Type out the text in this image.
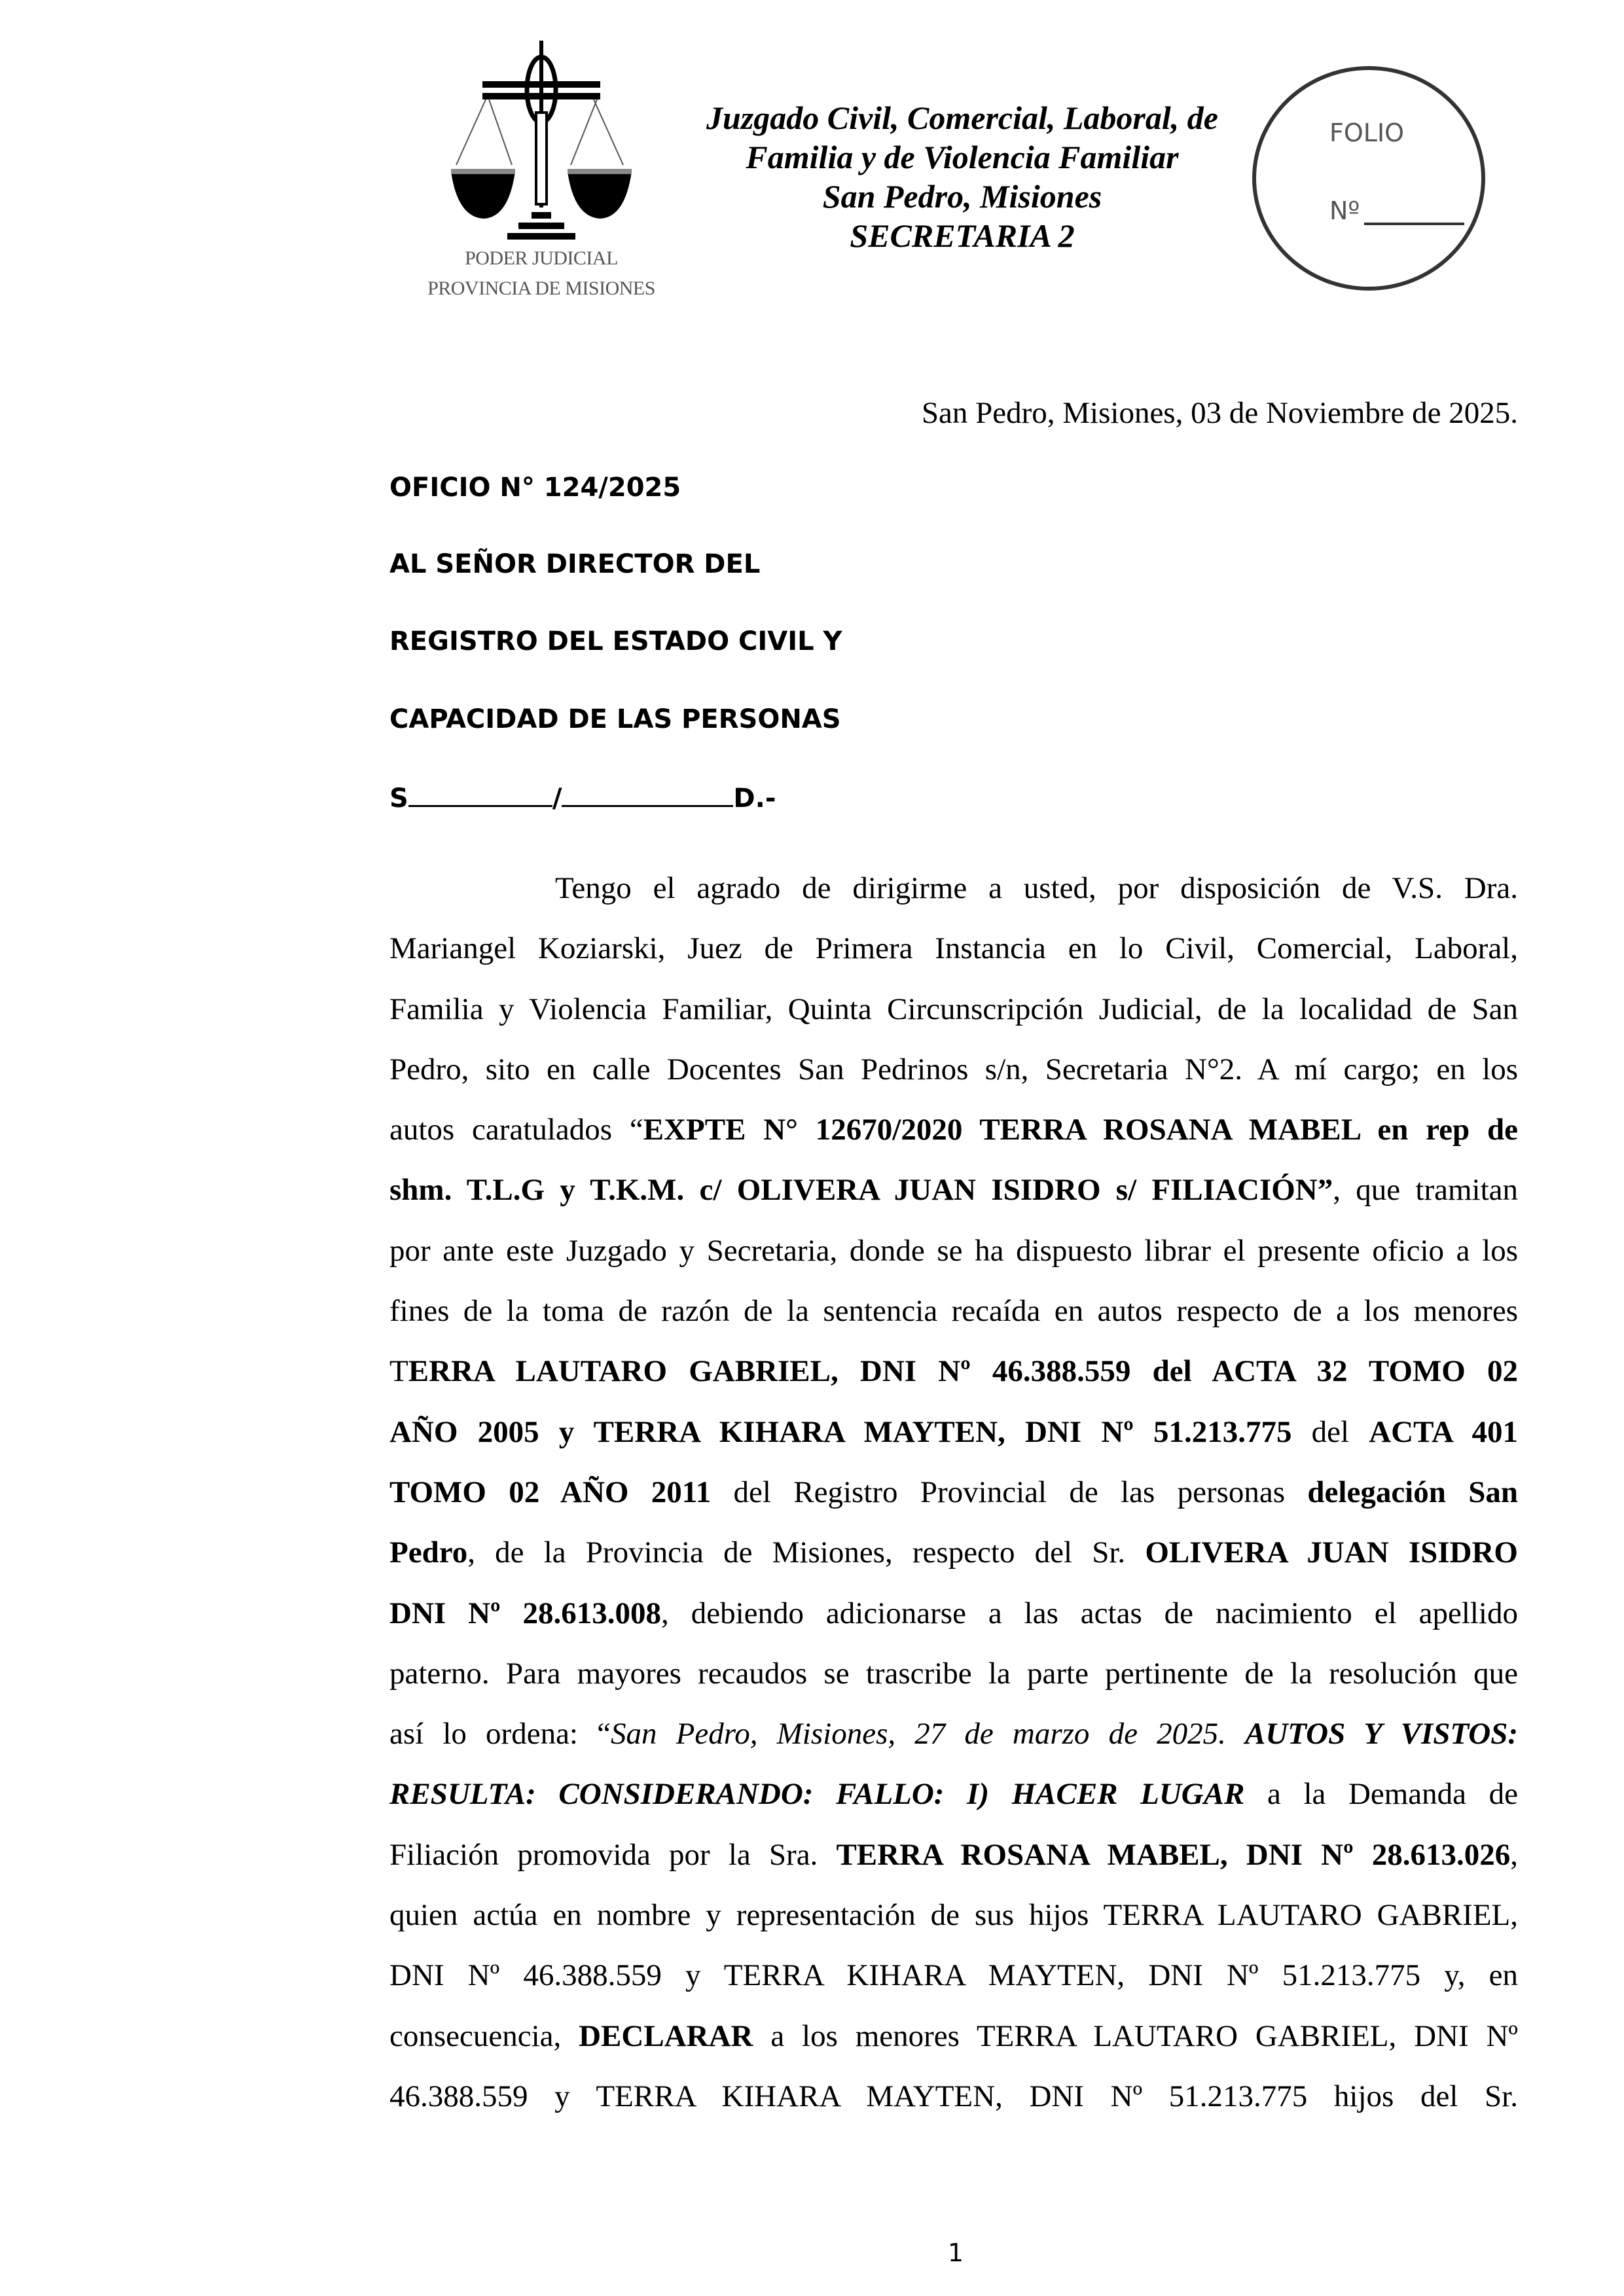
PODER JUDICIAL
PROVINCIA DE MISIONES
Juzgado Civil, Comercial, Laboral, de
Familia y de Violencia Familiar
San Pedro, Misiones
SECRETARIA 2
FOLIO
Nº
San Pedro, Misiones, 03 de Noviembre de 2025.
OFICIO N° 124/2025
AL SEÑOR DIRECTOR DEL
REGISTRO DEL ESTADO CIVIL Y
CAPACIDAD DE LAS PERSONAS
S	/	D.-
Tengo el agrado de dirigirme a usted, por disposición de V.S. Dra.
Mariangel Koziarski, Juez de Primera Instancia en lo Civil, Comercial, Laboral,
Familia y Violencia Familiar, Quinta Circunscripción Judicial, de la localidad de San
Pedro, sito en calle Docentes San Pedrinos s/n, Secretaria N°2. A mí cargo; en los
autos caratulados “EXPTE N° 12670/2020 TERRA ROSANA MABEL en rep de
shm. T.L.G y T.K.M. c/ OLIVERA JUAN ISIDRO s/ FILIACIÓN”, que tramitan
por ante este Juzgado y Secretaria, donde se ha dispuesto librar el presente oficio a los
fines de la toma de razón de la sentencia recaída en autos respecto de a los menores
TERRA LAUTARO GABRIEL, DNI Nº 46.388.559 del ACTA 32 TOMO 02
AÑO 2005 y TERRA KIHARA MAYTEN, DNI Nº 51.213.775 del ACTA 401
TOMO 02 AÑO 2011 del Registro Provincial de las personas delegación San
Pedro, de la Provincia de Misiones, respecto del Sr. OLIVERA JUAN ISIDRO
DNI Nº 28.613.008, debiendo adicionarse a las actas de nacimiento el apellido
paterno. Para mayores recaudos se trascribe la parte pertinente de la resolución que
así lo ordena: “San Pedro, Misiones, 27 de marzo de 2025. AUTOS Y VISTOS:
RESULTA: CONSIDERANDO: FALLO: I) HACER LUGAR a la Demanda de
Filiación promovida por la Sra. TERRA ROSANA MABEL, DNI Nº 28.613.026,
quien actúa en nombre y representación de sus hijos TERRA LAUTARO GABRIEL,
DNI Nº 46.388.559 y TERRA KIHARA MAYTEN, DNI Nº 51.213.775 y, en
consecuencia, DECLARAR a los menores TERRA LAUTARO GABRIEL, DNI Nº
46.388.559 y TERRA KIHARA MAYTEN, DNI Nº 51.213.775 hijos del Sr.
1
